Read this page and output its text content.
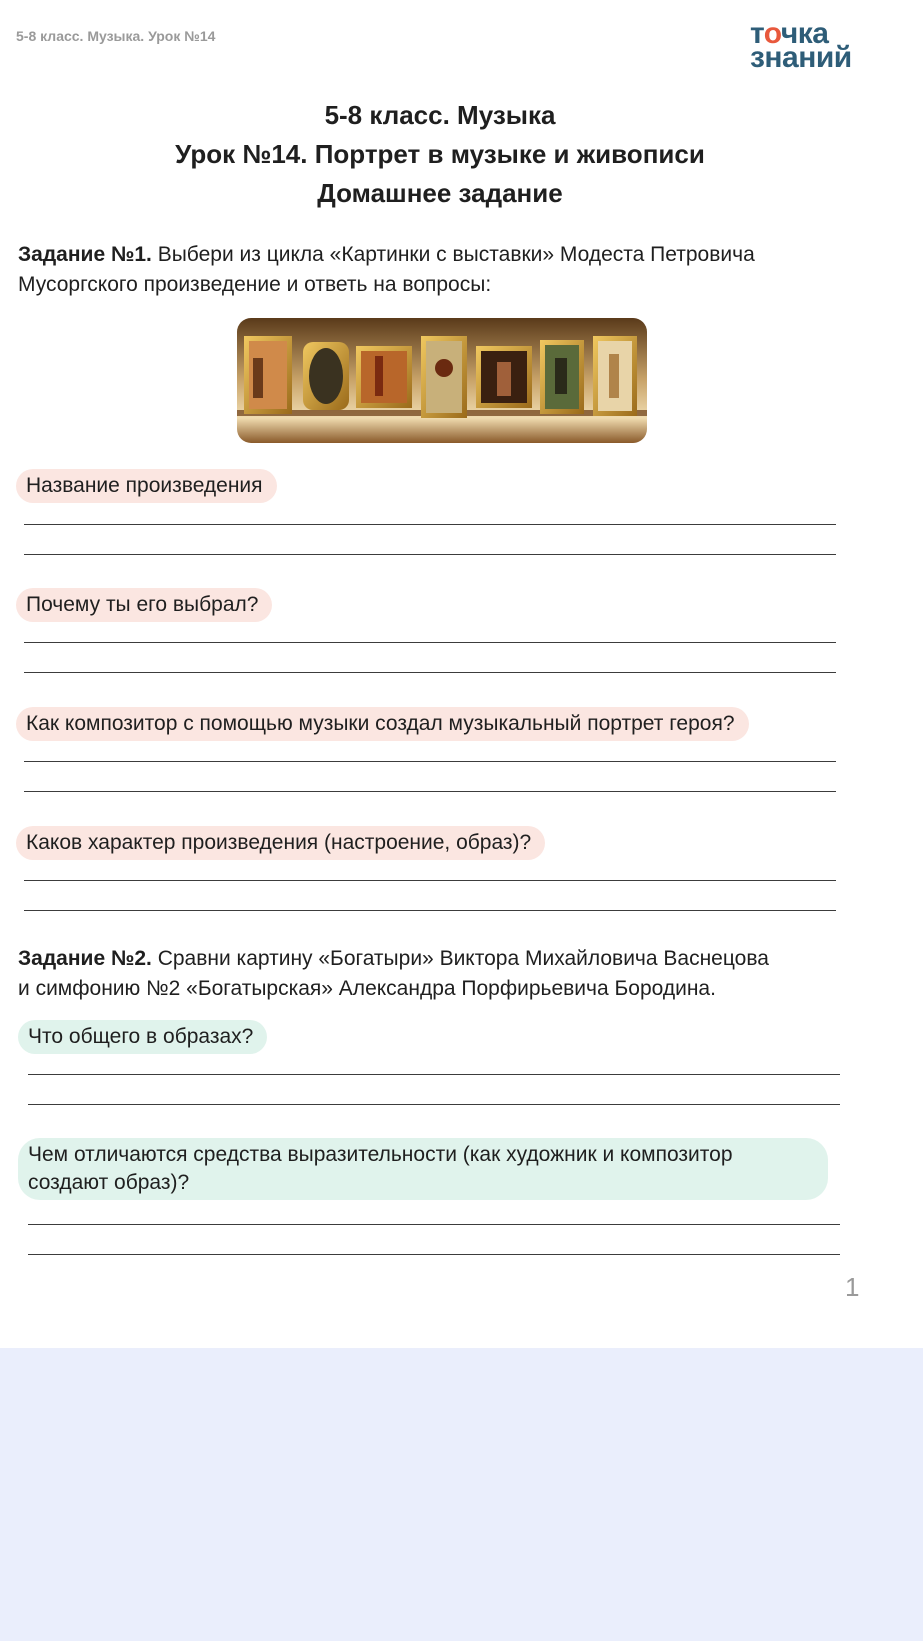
5-8 класс. Музыка. Урок №14	точка
знаний
5-8 класс. Музыка
Урок №14. Портрет в музыке и живописи
Домашнее задание
Задание №1. Выбери из цикла «Картинки с выставки» Модеста Петровича
Мусоргского произведение и ответь на вопросы:
Название произведения
Почему ты его выбрал?
Как композитор с помощью музыки создал музыкальный портрет героя?
Каков характер произведения (настроение, образ)?
Задание №2. Сравни картину «Богатыри» Виктора Михайловича Васнецова
и симфонию №2 «Богатырская» Александра Порфирьевича Бородина.
Что общего в образах?
Чем отличаются средства выразительности (как художник и композитор создают образ)?
1
